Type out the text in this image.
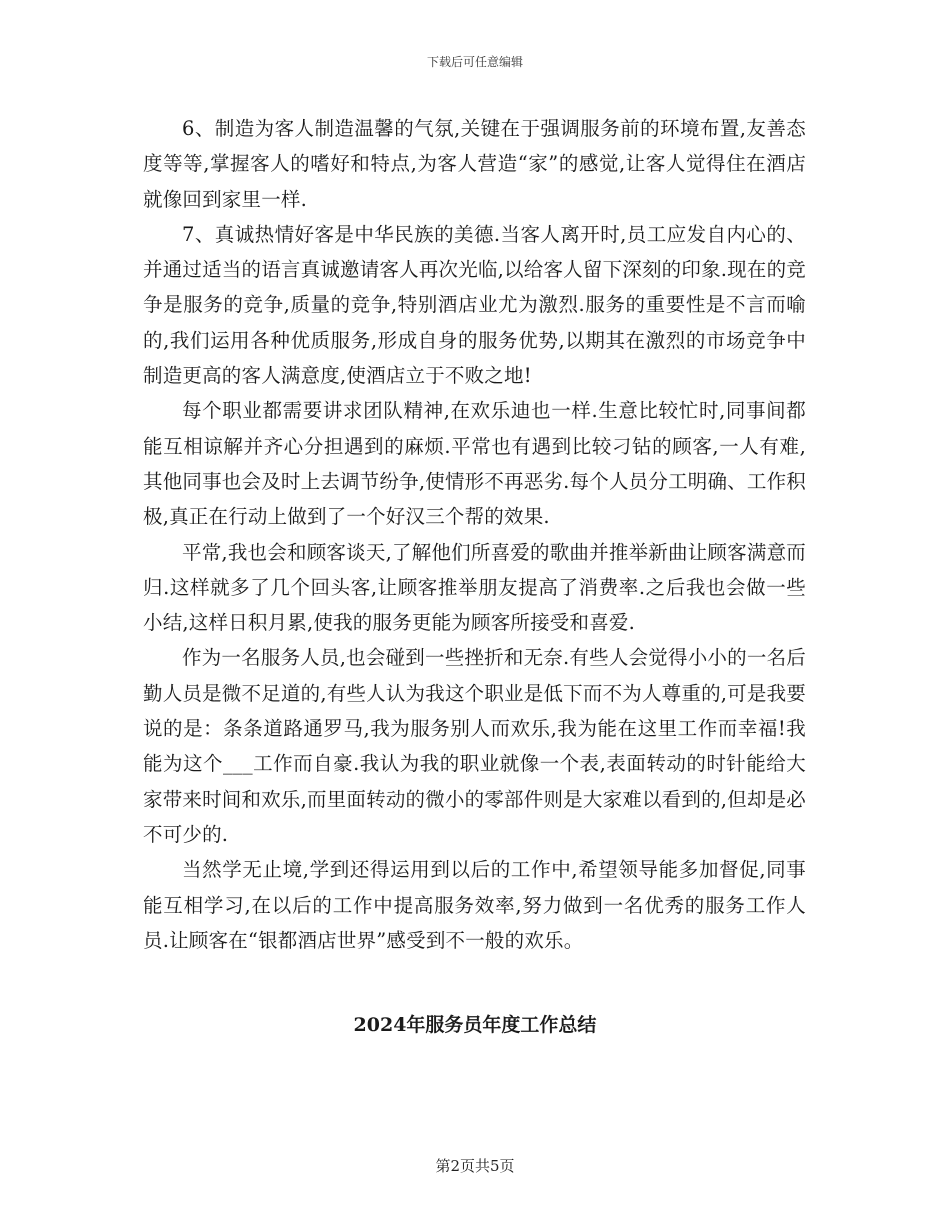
下载后可任意编辑

6、制造为客人制造温馨的气氛,关键在于强调服务前的环境布置,友善态度等等,掌握客人的嗜好和特点,为客人营造“家”的感觉,让客人觉得住在酒店就像回到家里一样.

7、真诚热情好客是中华民族的美德.当客人离开时,员工应发自内心的、并通过适当的语言真诚邀请客人再次光临,以给客人留下深刻的印象.现在的竞争是服务的竞争,质量的竞争,特别酒店业尤为激烈.服务的重要性是不言而喻的,我们运用各种优质服务,形成自身的服务优势,以期其在激烈的市场竞争中制造更高的客人满意度,使酒店立于不败之地!

每个职业都需要讲求团队精神,在欢乐迪也一样.生意比较忙时,同事间都能互相谅解并齐心分担遇到的麻烦.平常也有遇到比较刁钻的顾客,一人有难,其他同事也会及时上去调节纷争,使情形不再恶劣.每个人员分工明确、工作积极,真正在行动上做到了一个好汉三个帮的效果.

平常,我也会和顾客谈天,了解他们所喜爱的歌曲并推举新曲让顾客满意而归.这样就多了几个回头客,让顾客推举朋友提高了消费率.之后我也会做一些小结,这样日积月累,使我的服务更能为顾客所接受和喜爱.

作为一名服务人员,也会碰到一些挫折和无奈.有些人会觉得小小的一名后勤人员是微不足道的,有些人认为我这个职业是低下而不为人尊重的,可是我要说的是：条条道路通罗马,我为服务别人而欢乐,我为能在这里工作而幸福!我能为这个___工作而自豪.我认为我的职业就像一个表,表面转动的时针能给大家带来时间和欢乐,而里面转动的微小的零部件则是大家难以看到的,但却是必不可少的.

当然学无止境,学到还得运用到以后的工作中,希望领导能多加督促,同事能互相学习,在以后的工作中提高服务效率,努力做到一名优秀的服务工作人员.让顾客在“银都酒店世界”感受到不一般的欢乐。

2024年服务员年度工作总结
第2页共5页
